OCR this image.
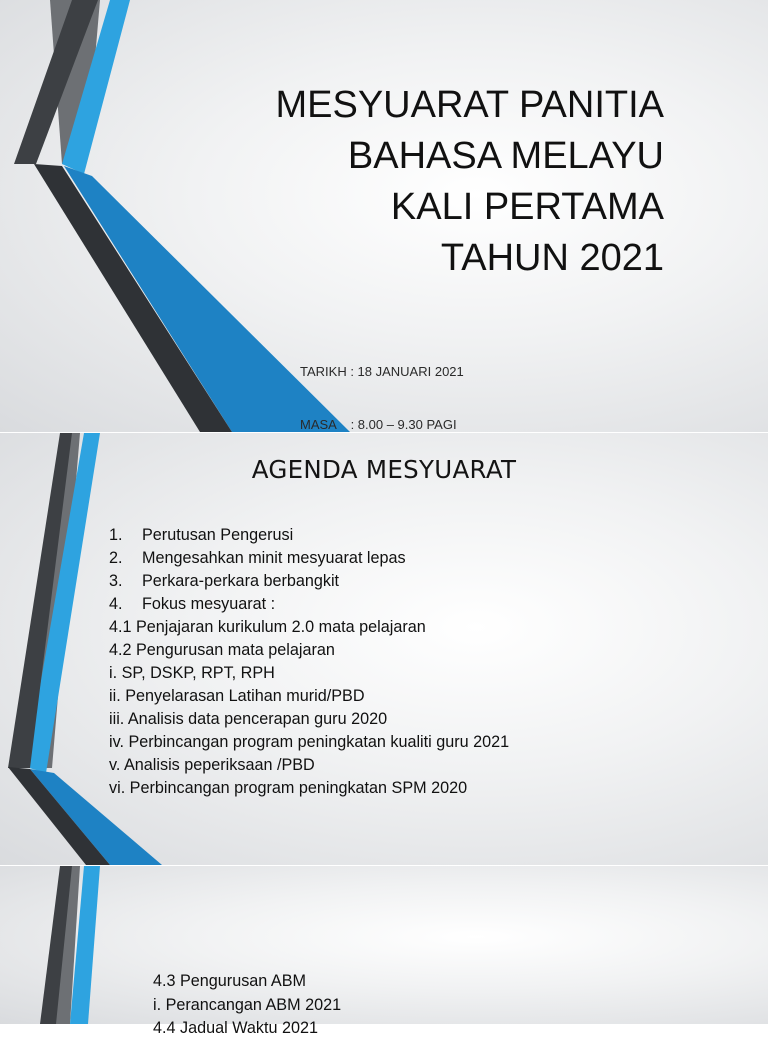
MESYUARAT PANITIA
BAHASA MELAYU
KALI PERTAMA
TAHUN 2021

TARIKH : 18 JANUARI 2021

MASA    : 8.00 – 9.30 PAGI

AGENDA MESYUARAT
1. Perutusan Pengerusi
2. Mengesahkan minit mesyuarat lepas
3. Perkara-perkara berbangkit
4. Fokus mesyuarat :
4.1 Penjajaran kurikulum 2.0 mata pelajaran
4.2 Pengurusan mata pelajaran
i. SP, DSKP, RPT, RPH
ii. Penyelarasan Latihan murid/PBD
iii. Analisis data pencerapan guru 2020
iv. Perbincangan program peningkatan kualiti guru 2021
v. Analisis peperiksaan /PBD
vi. Perbincangan program peningkatan SPM 2020
4.3 Pengurusan ABM
i. Perancangan ABM 2021
4.4 Jadual Waktu 2021
